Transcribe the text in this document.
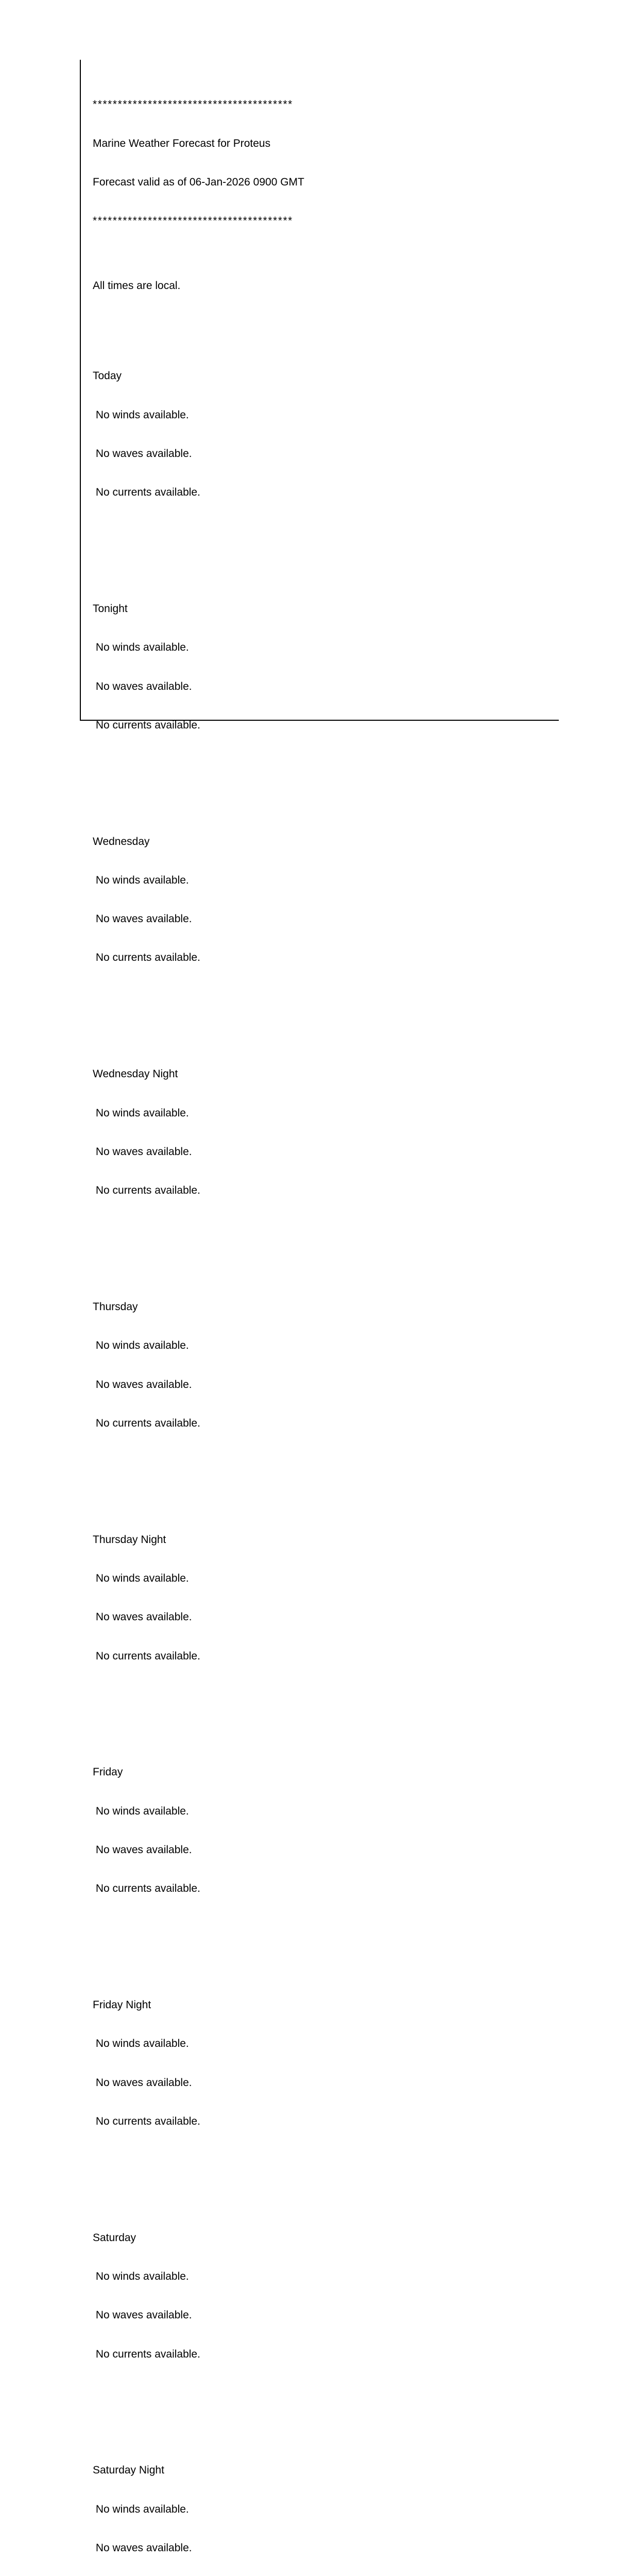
****************************************

Marine Weather Forecast for Proteus

Forecast valid as of 06-Jan-2026 0900 GMT

****************************************

All times are local.

Today

No winds available.

No waves available.

No currents available.

Tonight

No winds available.

No waves available.

No currents available.

Wednesday

No winds available.

No waves available.

No currents available.

Wednesday Night

No winds available.

No waves available.

No currents available.

Thursday

No winds available.

No waves available.

No currents available.

Thursday Night

No winds available.

No waves available.

No currents available.

Friday

No winds available.

No waves available.

No currents available.

Friday Night

No winds available.

No waves available.

No currents available.

Saturday

No winds available.

No waves available.

No currents available.

Saturday Night

No winds available.

No waves available.
